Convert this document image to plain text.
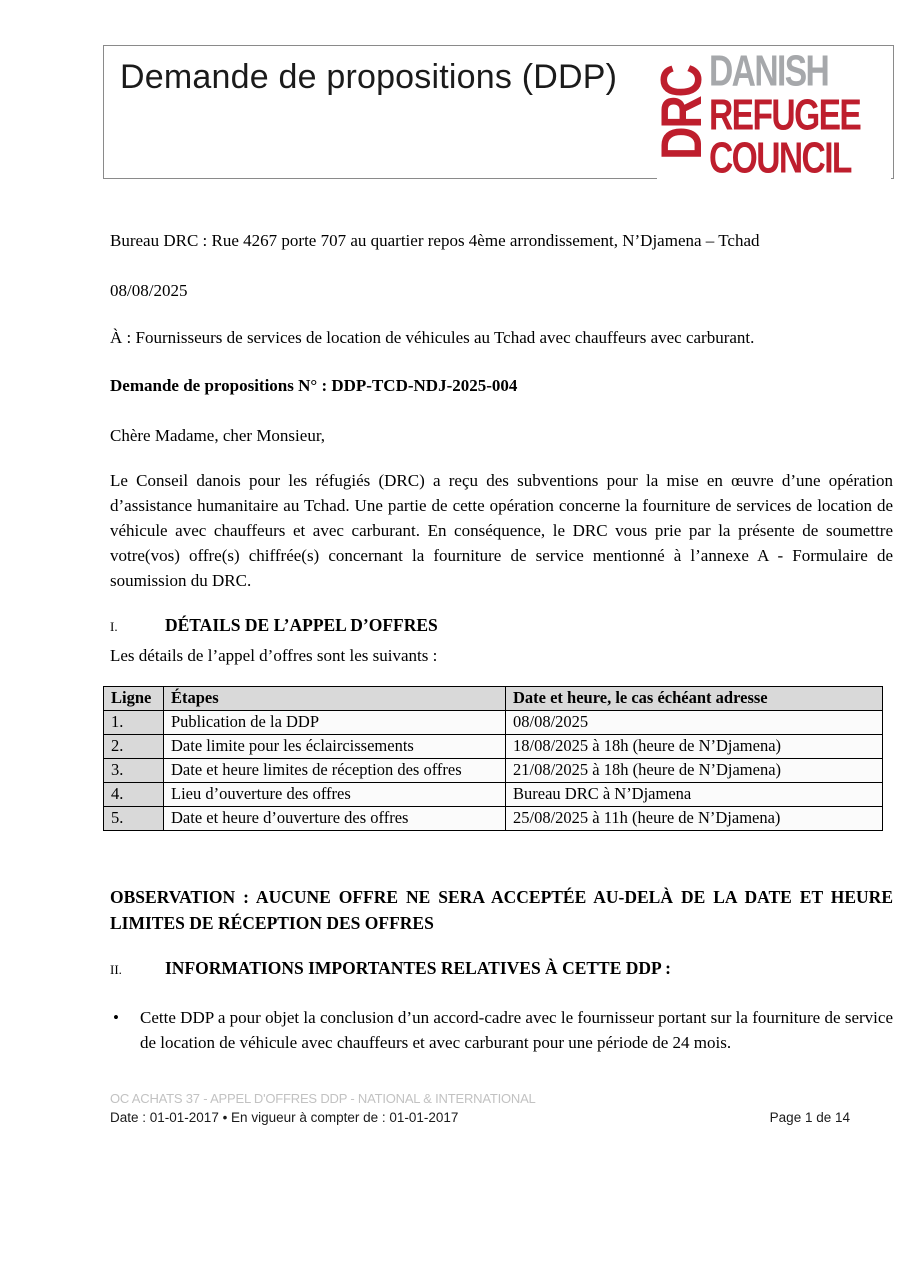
Demande de propositions (DDP) DRC
DANISH
REFUGEE
COUNCIL
Bureau DRC : Rue 4267 porte 707 au quartier repos 4ème arrondissement, N’Djamena – Tchad
08/08/2025
À : Fournisseurs de services de location de véhicules au Tchad avec chauffeurs avec carburant.
Demande de propositions N° : DDP-TCD-NDJ-2025-004
Chère Madame, cher Monsieur,
Le Conseil danois pour les réfugiés (DRC) a reçu des subventions pour la mise en œuvre d’une opération d’assistance humanitaire au Tchad. Une partie de cette opération concerne la fourniture de services de location de véhicule avec chauffeurs et avec carburant. En conséquence, le DRC vous prie par la présente de soumettre votre(vos) offre(s) chiffrée(s) concernant la fourniture de service mentionné à l’annexe A - Formulaire de soumission du DRC.
I.	DÉTAILS DE L’APPEL D’OFFRES
Les détails de l’appel d’offres sont les suivants :
Ligne	Étapes	Date et heure, le cas échéant adresse
1.	Publication de la DDP	08/08/2025
2.	Date limite pour les éclaircissements	18/08/2025 à 18h (heure de N’Djamena)
3.	Date et heure limites de réception des offres	21/08/2025 à 18h (heure de N’Djamena)
4.	Lieu d’ouverture des offres	Bureau DRC à N’Djamena
5.	Date et heure d’ouverture des offres	25/08/2025 à 11h (heure de N’Djamena)
OBSERVATION : AUCUNE OFFRE NE SERA ACCEPTÉE AU-DELÀ DE LA DATE ET HEURE LIMITES DE RÉCEPTION DES OFFRES
II.	INFORMATIONS IMPORTANTES RELATIVES À CETTE DDP :
• Cette DDP a pour objet la conclusion d’un accord-cadre avec le fournisseur portant sur la fourniture de service de location de véhicule avec chauffeurs et avec carburant pour une période de 24 mois.
OC ACHATS 37 - APPEL D'OFFRES DDP - NATIONAL & INTERNATIONAL
Date : 01-01-2017 • En vigueur à compter de : 01-01-2017	Page 1 de 14
